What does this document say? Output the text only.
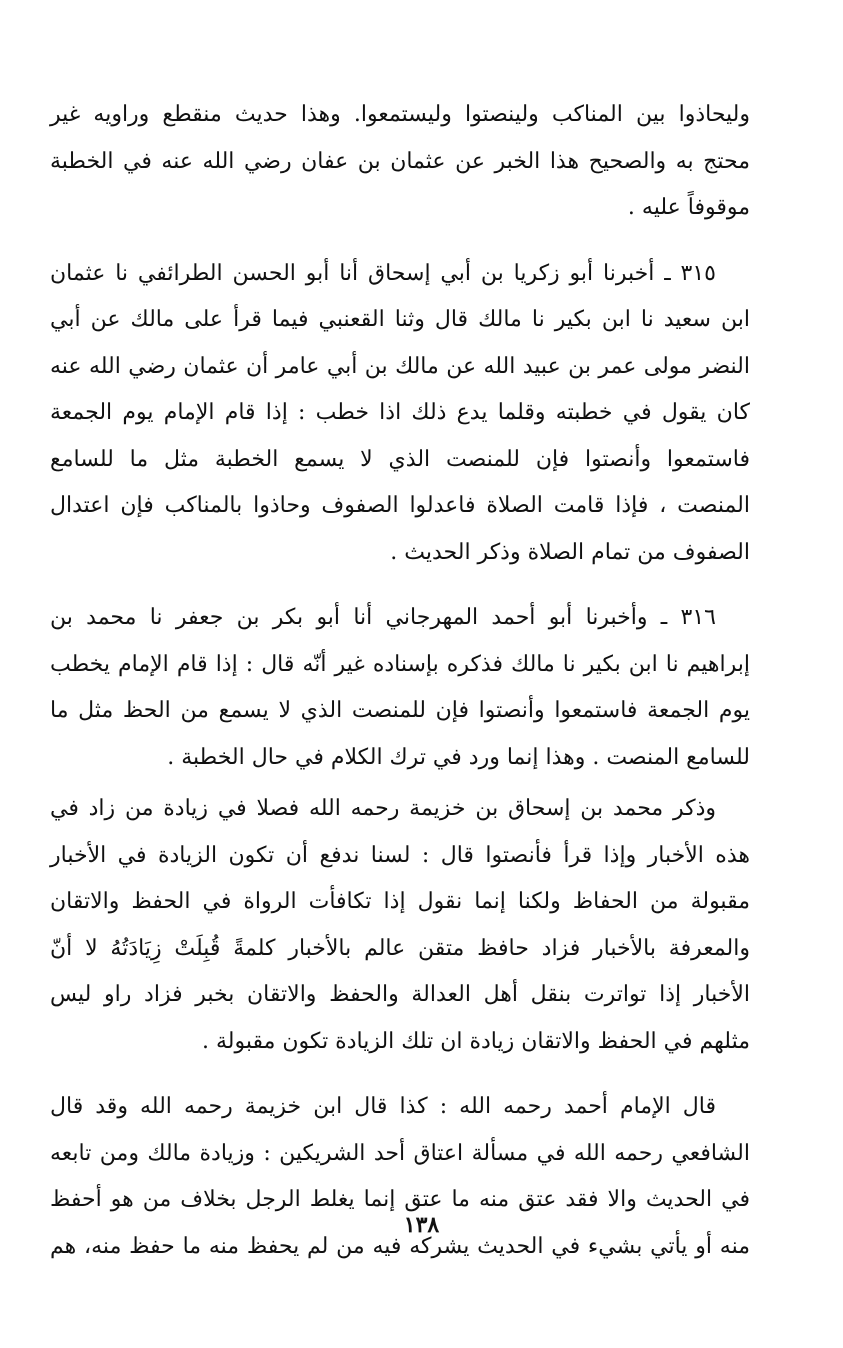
وليحاذوا بين المناكب ولينصتوا وليستمعوا. وهذا حديث منقطع وراويه غير
محتج به والصحيح هذا الخبر عن عثمان بن عفان رضي الله عنه في الخطبة
موقوفاً عليه .

٣١٥ ـ أخبرنا أبو زكريا بن أبي إسحاق أنا أبو الحسن الطرائفي نا عثمان
ابن سعيد نا ابن بكير نا مالك قال وثنا القعنبي فيما قرأ على مالك عن أبي
النضر مولى عمر بن عبيد الله عن مالك بن أبي عامر أن عثمان رضي الله عنه
كان يقول في خطبته وقلما يدع ذلك اذا خطب : إذا قام الإمام يوم الجمعة
فاستمعوا وأنصتوا فإن للمنصت الذي لا يسمع الخطبة مثل ما للسامع
المنصت ، فإذا قامت الصلاة فاعدلوا الصفوف وحاذوا بالمناكب فإن اعتدال
الصفوف من تمام الصلاة وذكر الحديث .

٣١٦ ـ وأخبرنا أبو أحمد المهرجاني أنا أبو بكر بن جعفر نا محمد بن
إبراهيم نا ابن بكير نا مالك فذكره بإسناده غير أنّه قال : إذا قام الإمام يخطب
يوم الجمعة فاستمعوا وأنصتوا فإن للمنصت الذي لا يسمع من الحظ مثل ما
للسامع المنصت . وهذا إنما ورد في ترك الكلام في حال الخطبة .

وذكر محمد بن إسحاق بن خزيمة رحمه الله فصلا في زيادة من زاد في
هذه الأخبار وإذا قرأ فأنصتوا قال : لسنا ندفع أن تكون الزيادة في الأخبار
مقبولة من الحفاظ ولكنا إنما نقول إذا تكافأت الرواة في الحفظ والاتقان
والمعرفة بالأخبار فزاد حافظ متقن عالم بالأخبار كلمةً قُبِلَتْ زِيَادَتُهُ لا أنّ
الأخبار إذا تواترت بنقل أهل العدالة والحفظ والاتقان بخبر فزاد راو ليس
مثلهم في الحفظ والاتقان زيادة ان تلك الزيادة تكون مقبولة .

قال الإمام أحمد رحمه الله : كذا قال ابن خزيمة رحمه الله وقد قال
الشافعي رحمه الله في مسألة اعتاق أحد الشريكين : وزيادة مالك ومن تابعه
في الحديث والا فقد عتق منه ما عتق إنما يغلط الرجل بخلاف من هو أحفظ
منه أو يأتي بشيء في الحديث يشركه فيه من لم يحفظ منه ما حفظ منه، هم

١٣٨
